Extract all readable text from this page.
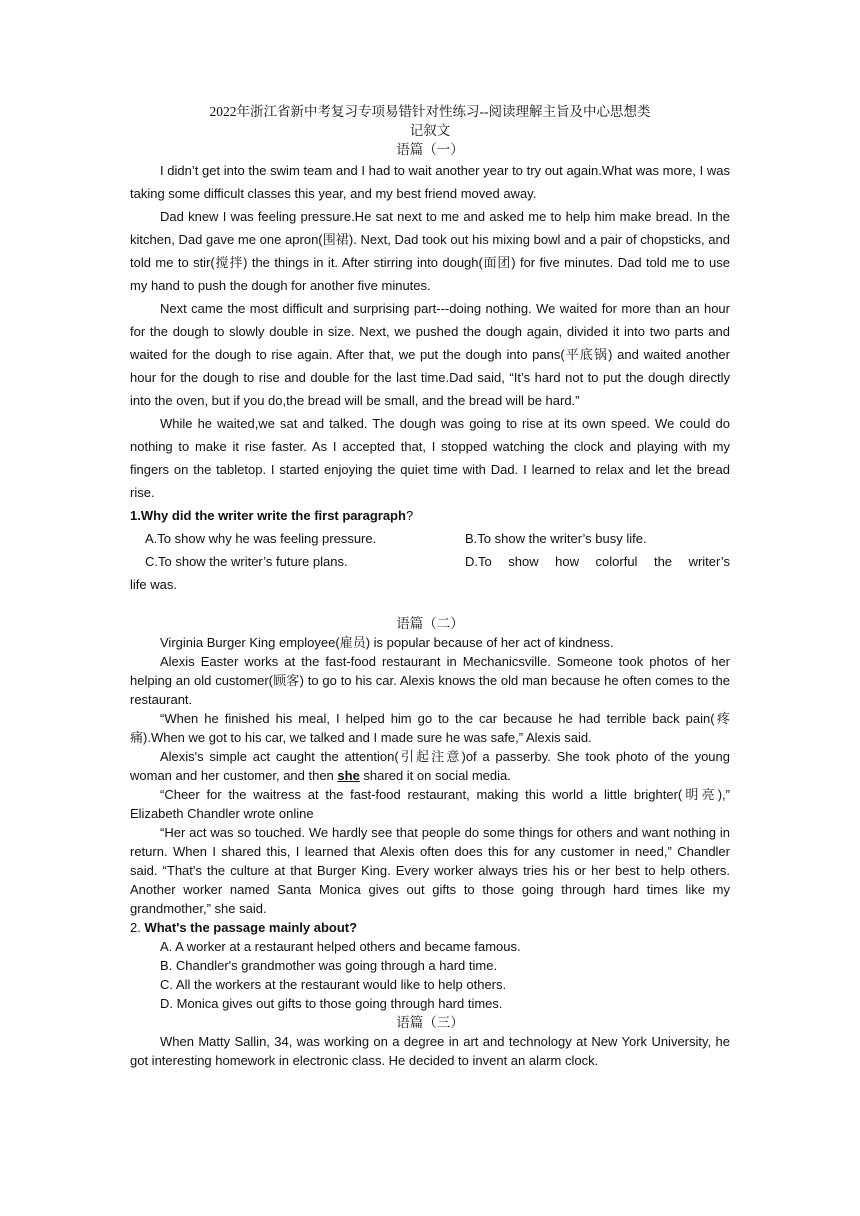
2022年浙江省新中考复习专项易错针对性练习--阅读理解主旨及中心思想类
记叙文
语篇（一）

I didn’t get into the swim team and I had to wait another year to try out again.What was more, I was taking some difficult classes this year, and my best friend moved away.

Dad knew I was feeling pressure.He sat next to me and asked me to help him make bread. In the kitchen, Dad gave me one apron(围裙). Next, Dad took out his mixing bowl and a pair of chopsticks, and told me to stir(搅拌) the things in it. After stirring into dough(面团) for five minutes. Dad told me to use my hand to push the dough for another five minutes.

Next came the most difficult and surprising part---doing nothing. We waited for more than an hour for the dough to slowly double in size. Next, we pushed the dough again, divided it into two parts and waited for the dough to rise again. After that, we put the dough into pans(平底锅) and waited another hour for the dough to rise and double for the last time.Dad said, “It’s hard not to put the dough directly into the oven, but if you do,the bread will be small, and the bread will be hard.”

While he waited,we sat and talked. The dough was going to rise at its own speed. We could do nothing to make it rise faster. As I accepted that, I stopped watching the clock and playing with my fingers on the tabletop. I started enjoying the quiet time with Dad. I learned to relax and let the bread rise.

1.Why did the writer write the first paragraph?

A.To show why he was feeling pressure.	B.To show the writer’s busy life.
C.To show the writer’s future plans.	D.To show how colorful the writer’s

life was.

语篇（二）

Virginia Burger King employee(雇员) is popular because of her act of kindness.

Alexis Easter works at the fast-food restaurant in Mechanicsville. Someone took photos of her helping an old customer(顾客) to go to his car. Alexis knows the old man because he often comes to the restaurant.

“When he finished his meal, I helped him go to the car because he had terrible back pain(疼痛).When we got to his car, we talked and I made sure he was safe,” Alexis said.

Alexis's simple act caught the attention(引起注意)of a passerby. She took photo of the young woman and her customer, and then she shared it on social media.

“Cheer for the waitress at the fast-food restaurant, making this world a little brighter(明亮),” Elizabeth Chandler wrote online

“Her act was so touched. We hardly see that people do some things for others and want nothing in return. When I shared this, I learned that Alexis often does this for any customer in need,” Chandler said. “That's the culture at that Burger King. Every worker always tries his or her best to help others. Another worker named Santa Monica gives out gifts to those going through hard times like my grandmother,” she said.

2. What's the passage mainly about?

A. A worker at a restaurant helped others and became famous.

B. Chandler's grandmother was going through a hard time.

C. All the workers at the restaurant would like to help others.

D. Monica gives out gifts to those going through hard times.

语篇（三）

When Matty Sallin, 34, was working on a degree in art and technology at New York University, he got interesting homework in electronic class. He decided to invent an alarm clock.
